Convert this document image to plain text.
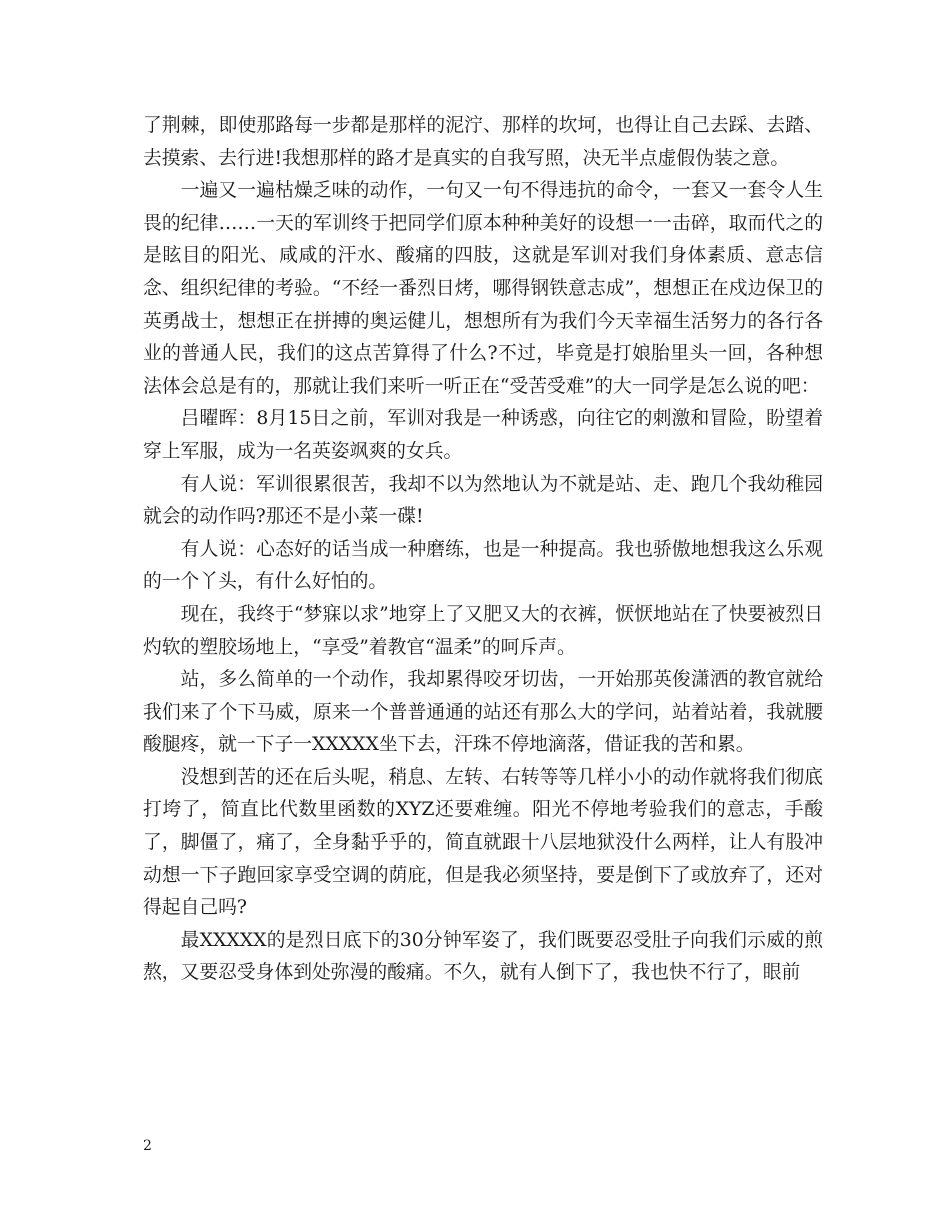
了荆棘，即使那路每一步都是那样的泥泞、那样的坎坷，也得让自己去踩、去踏、去摸索、去行进!我想那样的路才是真实的自我写照，决无半点虚假伪装之意。

一遍又一遍枯燥乏味的动作，一句又一句不得违抗的命令，一套又一套令人生畏的纪律……一天的军训终于把同学们原本种种美好的设想一一击碎，取而代之的是眩目的阳光、咸咸的汗水、酸痛的四肢，这就是军训对我们身体素质、意志信念、组织纪律的考验。“不经一番烈日烤，哪得钢铁意志成”，想想正在戍边保卫的英勇战士，想想正在拼搏的奥运健儿，想想所有为我们今天幸福生活努力的各行各业的普通人民，我们的这点苦算得了什么?不过，毕竟是打娘胎里头一回，各种想法体会总是有的，那就让我们来听一听正在“受苦受难”的大一同学是怎么说的吧：

吕曜晖：8月15日之前，军训对我是一种诱惑，向往它的刺激和冒险，盼望着穿上军服，成为一名英姿飒爽的女兵。

有人说：军训很累很苦，我却不以为然地认为不就是站、走、跑几个我幼稚园就会的动作吗?那还不是小菜一碟!

有人说：心态好的话当成一种磨练，也是一种提高。我也骄傲地想我这么乐观的一个丫头，有什么好怕的。

现在，我终于“梦寐以求”地穿上了又肥又大的衣裤，恹恹地站在了快要被烈日灼软的塑胶场地上，“享受”着教官“温柔”的呵斥声。

站，多么简单的一个动作，我却累得咬牙切齿，一开始那英俊潇洒的教官就给我们来了个下马威，原来一个普普通通的站还有那么大的学问，站着站着，我就腰酸腿疼，就一下子一XXXXX坐下去，汗珠不停地滴落，借证我的苦和累。

没想到苦的还在后头呢，稍息、左转、右转等等几样小小的动作就将我们彻底打垮了，简直比代数里函数的XYZ还要难缠。阳光不停地考验我们的意志，手酸了，脚僵了，痛了，全身黏乎乎的，简直就跟十八层地狱没什么两样，让人有股冲动想一下子跑回家享受空调的荫庇，但是我必须坚持，要是倒下了或放弃了，还对得起自己吗?

最XXXXX的是烈日底下的30分钟军姿了，我们既要忍受肚子向我们示威的煎熬，又要忍受身体到处弥漫的酸痛。不久，就有人倒下了，我也快不行了，眼前

2
